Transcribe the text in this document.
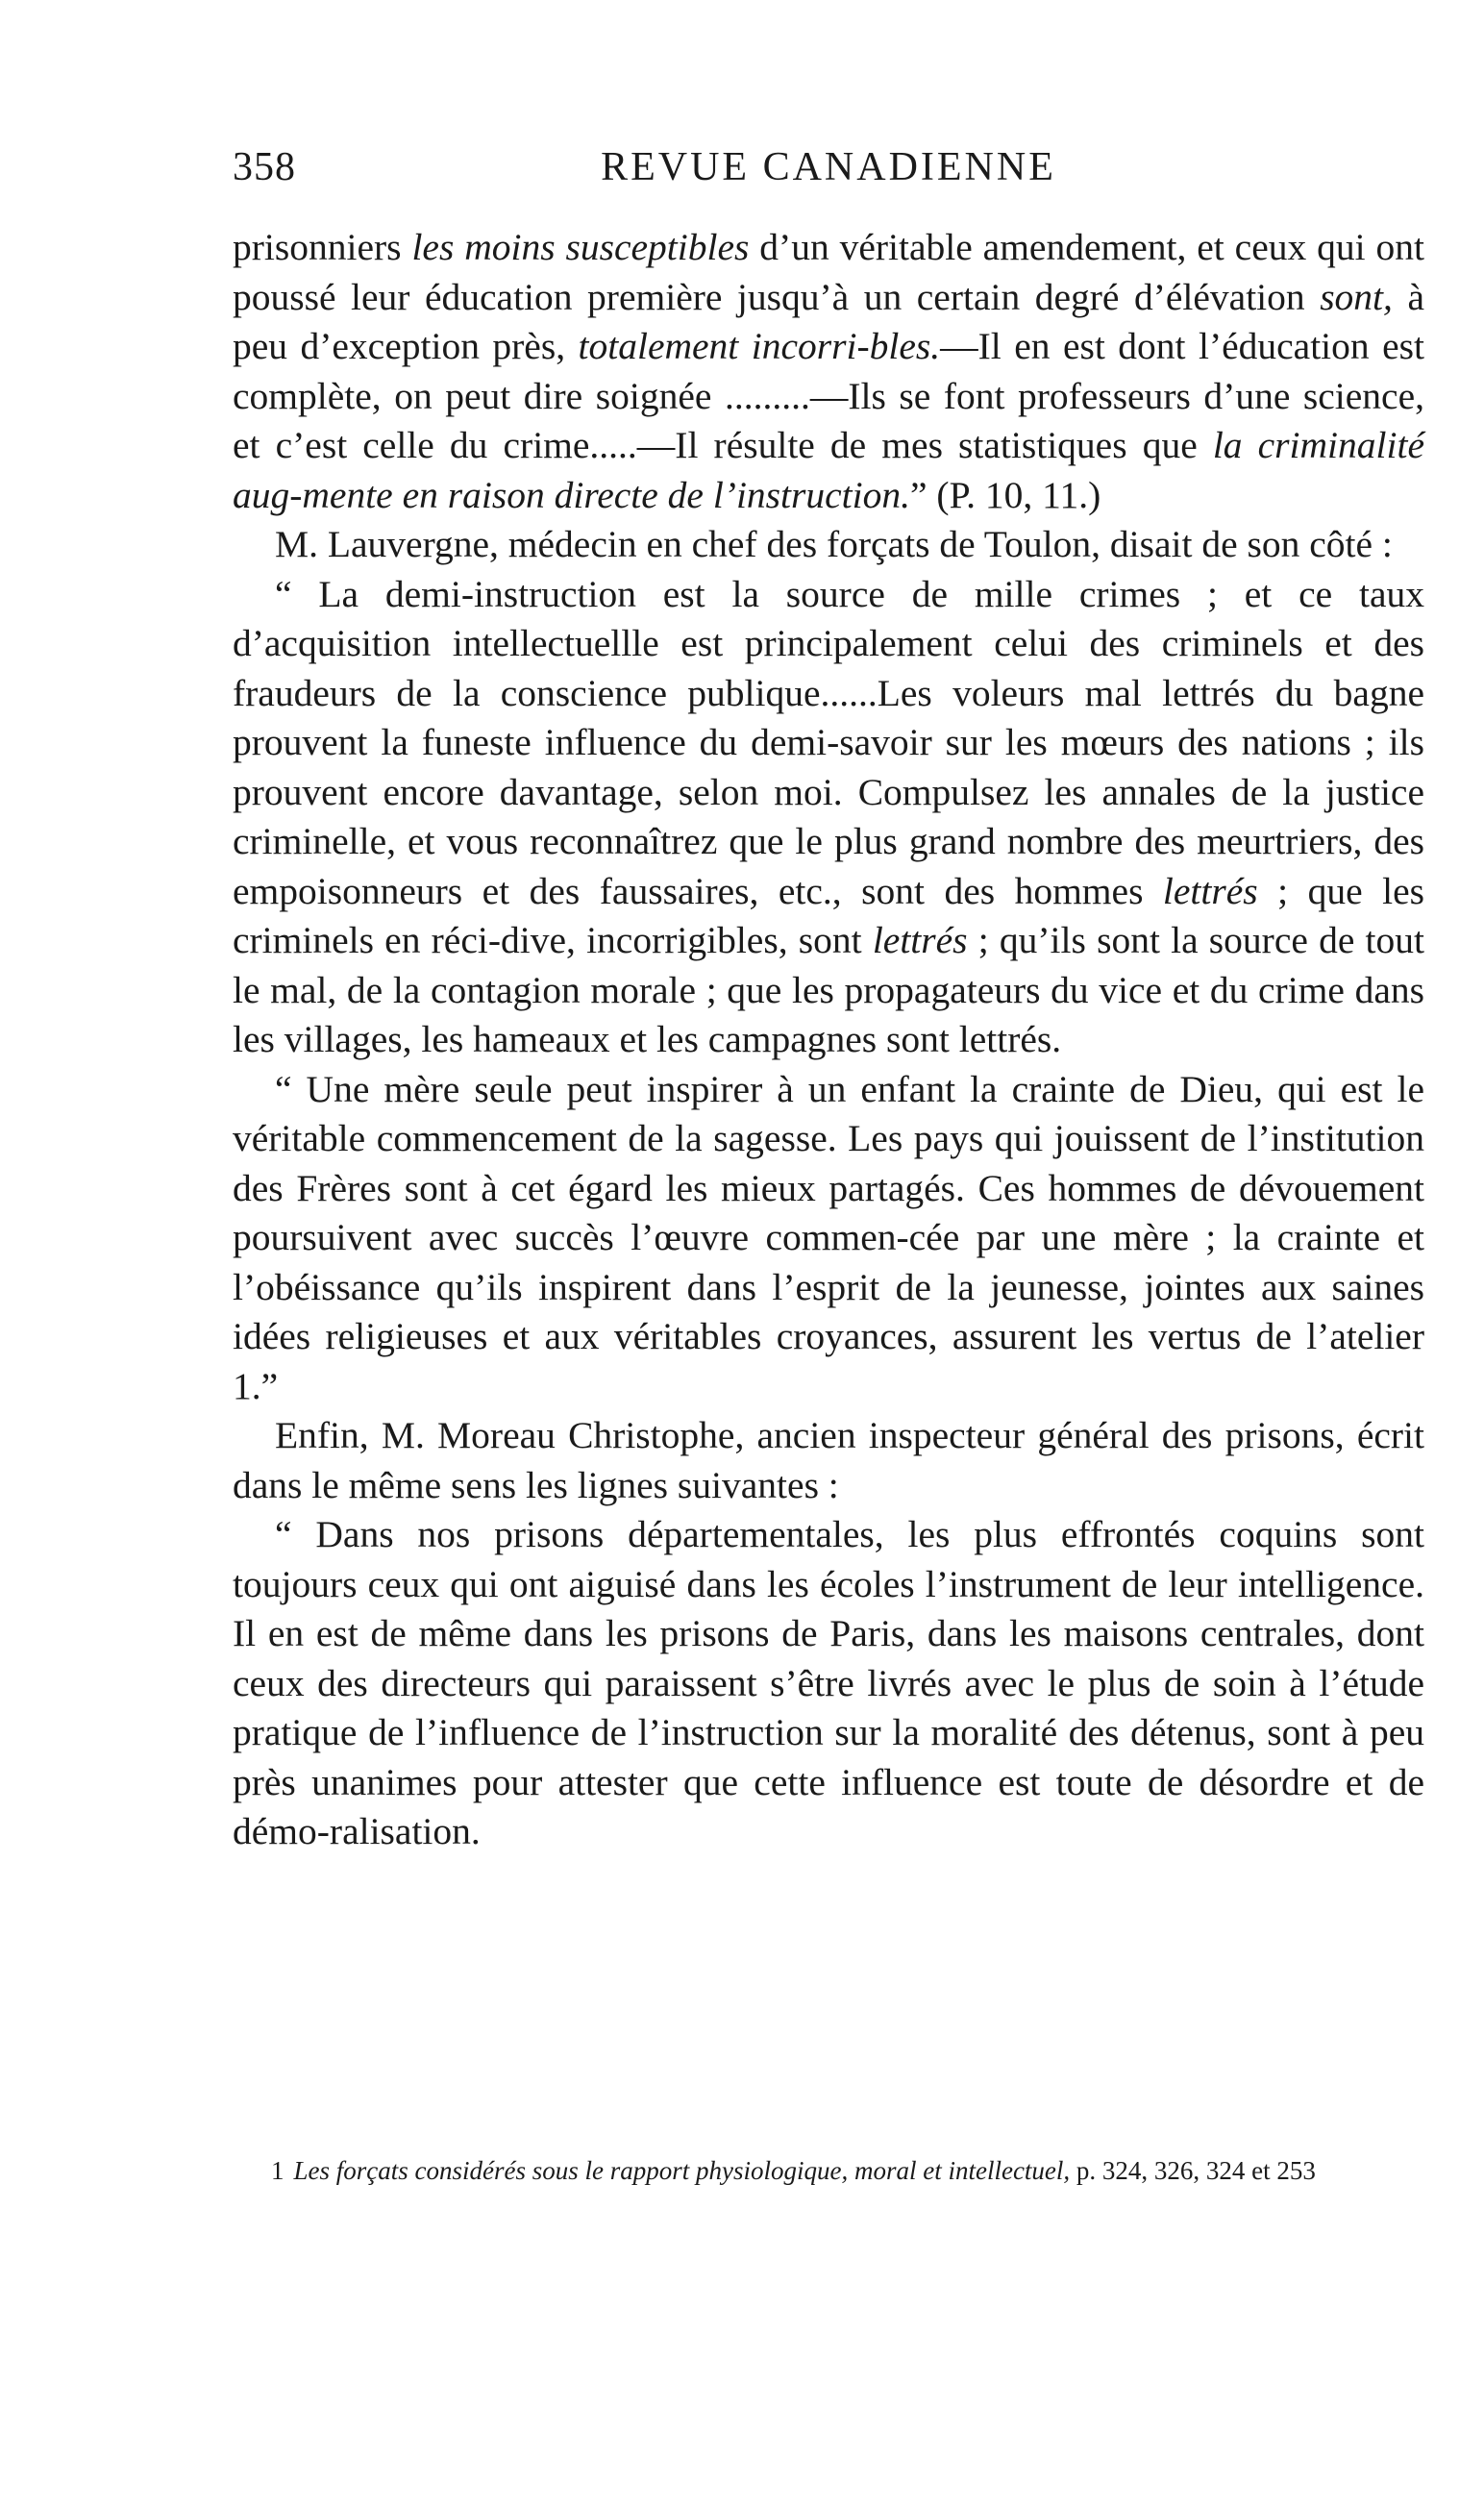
358	REVUE CANADIENNE

prisonniers les moins susceptibles d’un véritable amendement, et ceux qui ont poussé leur éducation première jusqu’à un certain degré d’élévation sont, à peu d’exception près, totalement incorri-bles.—Il en est dont l’éducation est complète, on peut dire soignée .........—Ils se font professeurs d’une science, et c’est celle du crime.....—Il résulte de mes statistiques que la criminalité aug-mente en raison directe de l’instruction.” (P. 10, 11.)

M. Lauvergne, médecin en chef des forçats de Toulon, disait de son côté :

“ La demi-instruction est la source de mille crimes ; et ce taux d’acquisition intellectuellle est principalement celui des criminels et des fraudeurs de la conscience publique......Les voleurs mal lettrés du bagne prouvent la funeste influence du demi-savoir sur les mœurs des nations ; ils prouvent encore davantage, selon moi. Compulsez les annales de la justice criminelle, et vous reconnaîtrez que le plus grand nombre des meurtriers, des empoisonneurs et des faussaires, etc., sont des hommes lettrés ; que les criminels en réci-dive, incorrigibles, sont lettrés ; qu’ils sont la source de tout le mal, de la contagion morale ; que les propagateurs du vice et du crime dans les villages, les hameaux et les campagnes sont lettrés.

“ Une mère seule peut inspirer à un enfant la crainte de Dieu, qui est le véritable commencement de la sagesse. Les pays qui jouissent de l’institution des Frères sont à cet égard les mieux partagés. Ces hommes de dévouement poursuivent avec succès l’œuvre commen-cée par une mère ; la crainte et l’obéissance qu’ils inspirent dans l’esprit de la jeunesse, jointes aux saines idées religieuses et aux véritables croyances, assurent les vertus de l’atelier 1.”

Enfin, M. Moreau Christophe, ancien inspecteur général des prisons, écrit dans le même sens les lignes suivantes :

“ Dans nos prisons départementales, les plus effrontés coquins sont toujours ceux qui ont aiguisé dans les écoles l’instrument de leur intelligence. Il en est de même dans les prisons de Paris, dans les maisons centrales, dont ceux des directeurs qui paraissent s’être livrés avec le plus de soin à l’étude pratique de l’influence de l’instruction sur la moralité des détenus, sont à peu près unanimes pour attester que cette influence est toute de désordre et de démo-ralisation.

1 Les forçats considérés sous le rapport physiologique, moral et intellectuel, p. 324, 326, 324 et 253
